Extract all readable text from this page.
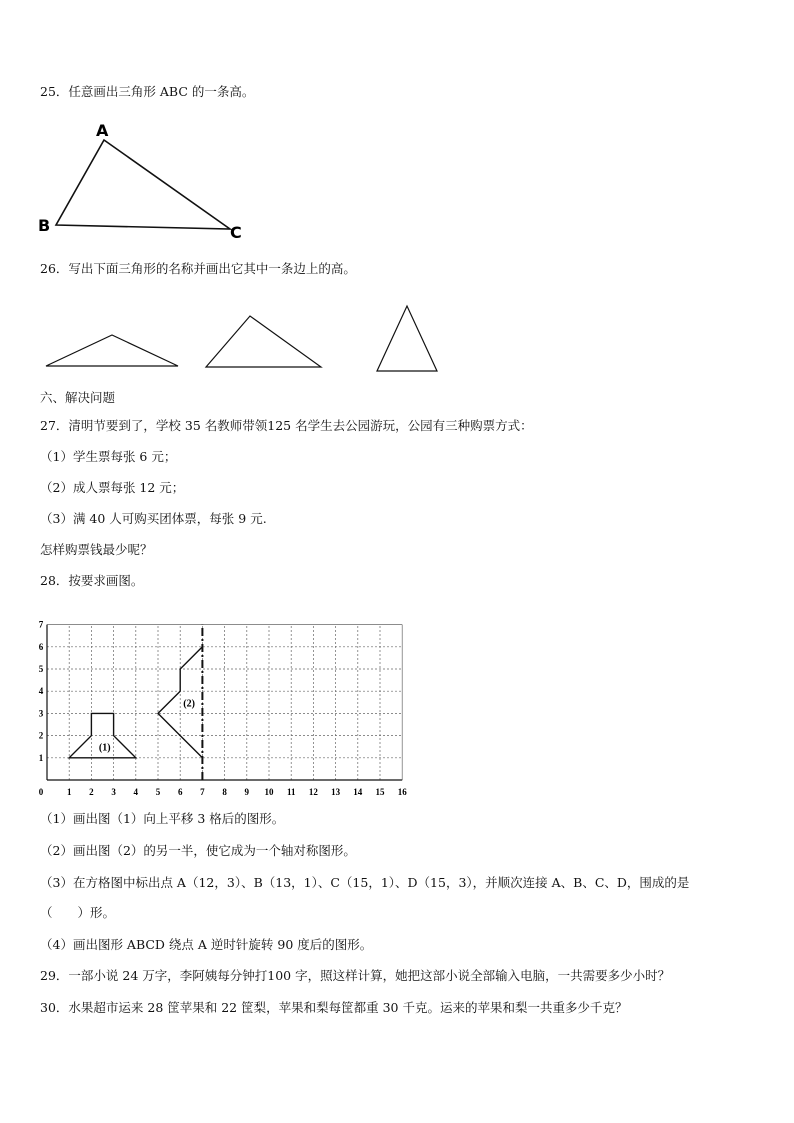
25．任意画出三角形 ABC 的一条高。
A
B	C
26．写出下面三角形的名称并画出它其中一条边上的高。
六、解决问题
27．清明节要到了，学校 35 名教师带领125 名学生去公园游玩，公园有三种购票方式：
（1）学生票每张 6 元；
（2）成人票每张 12 元；
（3）满 40 人可购买团体票，每张 9 元.
怎样购票钱最少呢？
28．按要求画图。
0	1 2 3 4 5 6 7 8 9 10 11 12 13 14 15 16
1
2
3
4
5
6
7
(1)
(2)
（1）画出图（1）向上平移 3 格后的图形。
（2）画出图（2）的另一半，使它成为一个轴对称图形。
（3）在方格图中标出点 A（12，3）、B（13，1）、C（15，1）、D（15，3），并顺次连接 A、B、C、D，围成的是
（　　）形。
（4）画出图形 ABCD 绕点 A 逆时针旋转 90 度后的图形。
29．一部小说 24 万字，李阿姨每分钟打100 字，照这样计算，她把这部小说全部输入电脑，一共需要多少小时？
30．水果超市运来 28 筐苹果和 22 筐梨，苹果和梨每筐都重 30 千克。运来的苹果和梨一共重多少千克？
